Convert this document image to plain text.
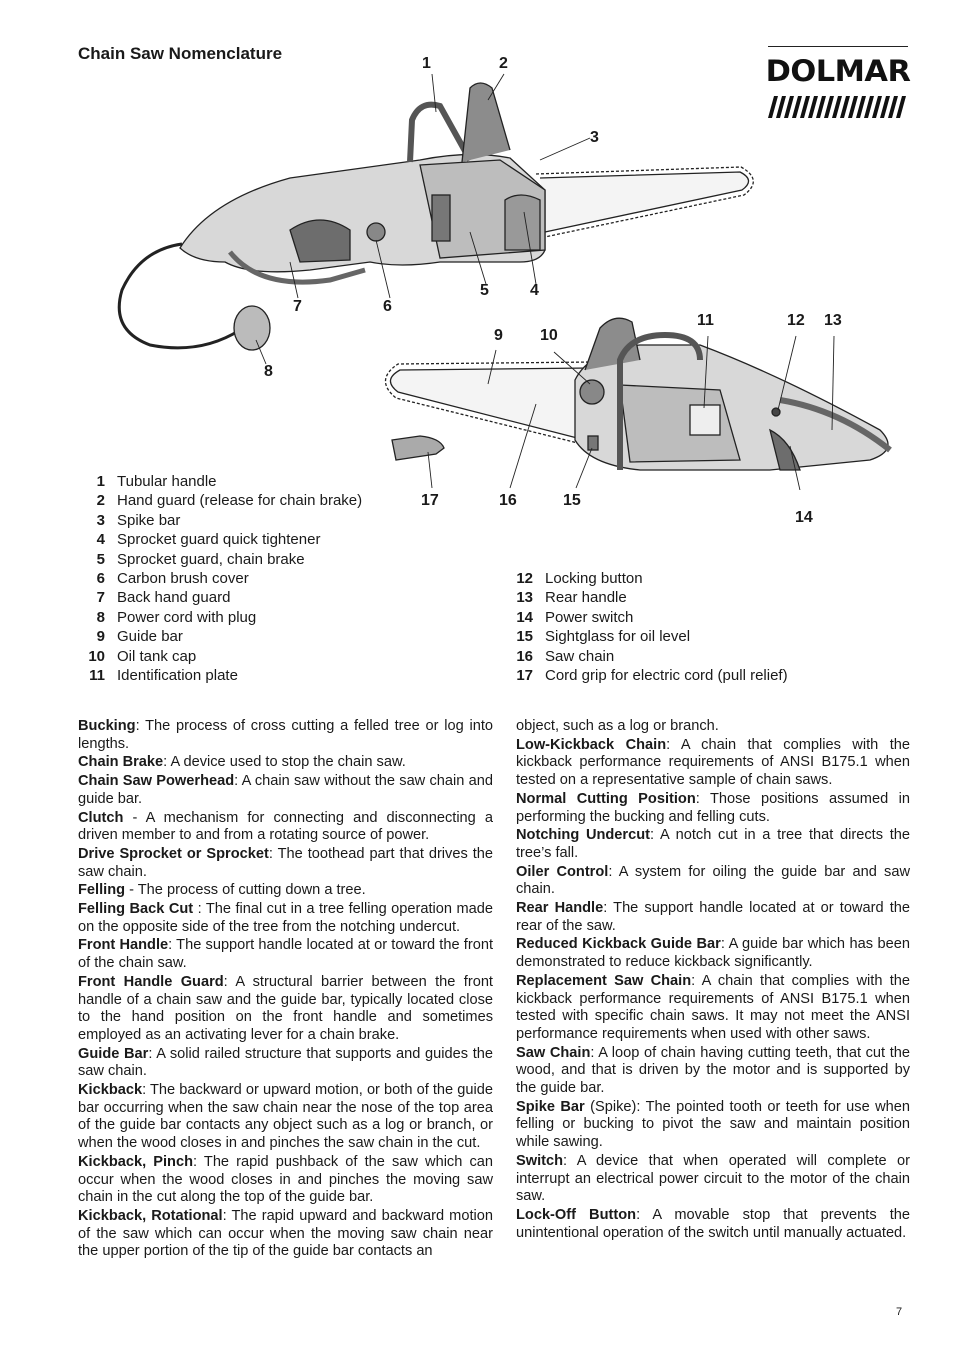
Chain Saw Nomenclature
DOLMAR
1	2
3
4
5
6
7
8
9 10
11	12 13
14
15
16
17
1 Tubular handle
2 Hand guard (release for chain brake)
3 Spike bar
4 Sprocket guard quick tightener
5 Sprocket guard, chain brake
6 Carbon brush cover
7 Back hand guard
8 Power cord with plug
9 Guide bar
10 Oil tank cap
11 Identification plate
12 Locking button
13 Rear handle
14 Power switch
15 Sightglass for oil level
16 Saw chain
17 Cord grip for electric cord (pull relief)

Bucking: The process of cross cutting a felled tree or log into lengths.

Chain Brake: A device used to stop the chain saw.

Chain Saw Powerhead: A chain saw without the saw chain and guide bar.

Clutch - A mechanism for connecting and disconnecting a driven member to and from a rotating source of power.

Drive Sprocket or Sprocket: The toothead part that drives the saw chain.

Felling - The process of cutting down a tree.

Felling Back Cut : The final cut in a tree felling operation made on the opposite side of the tree from the notching undercut.

Front Handle: The support handle located at or toward the front of the chain saw.

Front Handle Guard: A structural barrier between the front handle of a chain saw and the guide bar, typically located close to the hand position on the front handle and sometimes employed as an activating lever for a chain brake.

Guide Bar: A solid railed structure that supports and guides the saw chain.

Kickback: The backward or upward motion, or both of the guide bar occurring when the saw chain near the nose of the top area of the guide bar contacts any object such as a log or branch, or when the wood closes in and pinches the saw chain in the cut.

Kickback, Pinch: The rapid pushback of the saw which can occur when the wood closes in and pinches the moving saw chain in the cut along the top of the guide bar.

Kickback, Rotational: The rapid upward and backward motion of the saw which can occur when the moving saw chain near the upper portion of the tip of the guide bar contacts an

object, such as a log or branch.

Low-Kickback Chain: A chain that complies with the kickback performance requirements of ANSI B175.1 when tested on a representative sample of chain saws.

Normal Cutting Position: Those positions assumed in performing the bucking and felling cuts.

Notching Undercut: A notch cut in a tree that directs the tree’s fall.

Oiler Control: A system for oiling the guide bar and saw chain.

Rear Handle: The support handle located at or toward the rear of the saw.

Reduced Kickback Guide Bar: A guide bar which has been demonstrated to reduce kickback significantly.

Replacement Saw Chain: A chain that complies with the kickback performance requirements of ANSI B175.1 when tested with specific chain saws. It may not meet the ANSI performance requirements when used with other saws.

Saw Chain: A loop of chain having cutting teeth, that cut the wood, and that is driven by the motor and is supported by the guide bar.

Spike Bar (Spike): The pointed tooth or teeth for use when felling or bucking to pivot the saw and maintain position while sawing.

Switch: A device that when operated will complete or interrupt an electrical power circuit to the motor of the chain saw.

Lock-Off Button: A movable stop that prevents the unintentional operation of the switch until manually actuated.

7
